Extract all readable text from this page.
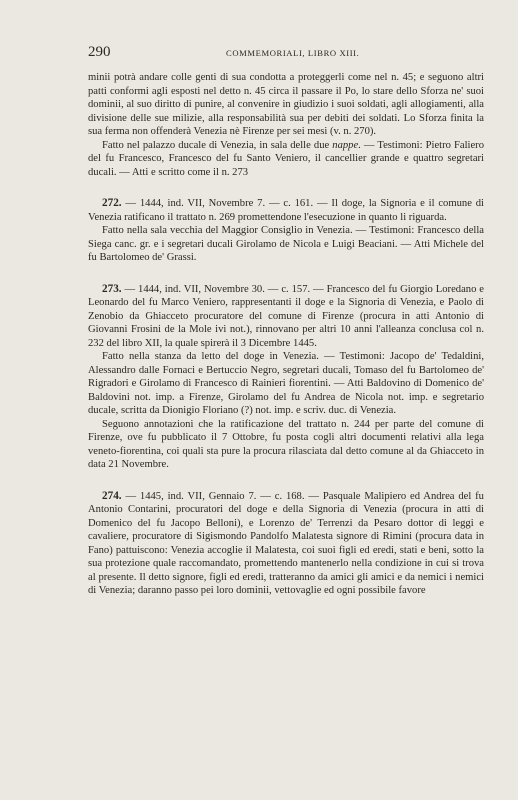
290	COMMEMORIALI, LIBRO XIII.

minii potrà andare colle genti di sua condotta a proteggerli come nel n. 45; e seguono altri patti conformi agli esposti nel detto n. 45 circa il passare il Po, lo stare dello Sforza ne' suoi dominii, al suo diritto di punire, al convenire in giudizio i suoi soldati, agli allogiamenti, alla divisione delle sue milizie, alla responsabilità sua per debiti dei soldati. Lo Sforza finita la sua ferma non offenderà Venezia nè Firenze per sei mesi (v. n. 270).

Fatto nel palazzo ducale di Venezia, in sala delle due nappe. — Testimoni: Pietro Faliero del fu Francesco, Francesco del fu Santo Veniero, il cancellier grande e quattro segretari ducali. — Atti e scritto come il n. 273

272. — 1444, ind. VII, Novembre 7. — c. 161. — Il doge, la Signoria e il comune di Venezia ratificano il trattato n. 269 promettendone l'esecuzione in quanto li riguarda.

Fatto nella sala vecchia del Maggior Consiglio in Venezia. — Testimoni: Francesco della Siega canc. gr. e i segretari ducali Girolamo de Nicola e Luigi Beaciani. — Atti Michele del fu Bartolomeo de' Grassi.

273. — 1444, ind. VII, Novembre 30. — c. 157. — Francesco del fu Giorgio Loredano e Leonardo del fu Marco Veniero, rappresentanti il doge e la Signoria di Venezia, e Paolo di Zenobio da Ghiacceto procuratore del comune di Firenze (procura in atti Antonio di Giovanni Frosini de la Mole ivi not.), rinnovano per altri 10 anni l'alleanza conclusa col n. 232 del libro XII, la quale spirerà il 3 Dicembre 1445.

Fatto nella stanza da letto del doge in Venezia. — Testimoni: Jacopo de' Tedaldini, Alessandro dalle Fornaci e Bertuccio Negro, segretari ducali, Tomaso del fu Bartolomeo de' Rigradori e Girolamo di Francesco di Rainieri fiorentini. — Atti Baldovino di Domenico de' Baldovini not. imp. a Firenze, Girolamo del fu Andrea de Nicola not. imp. e segretario ducale, scritta da Dionigio Floriano (?) not. imp. e scriv. duc. di Venezia.

Seguono annotazioni che la ratificazione del trattato n. 244 per parte del comune di Firenze, ove fu pubblicato il 7 Ottobre, fu posta cogli altri documenti relativi alla lega veneto-fiorentina, coi quali sta pure la procura rilasciata dal detto comune al da Ghiacceto in data 21 Novembre.

274. — 1445, ind. VII, Gennaio 7. — c. 168. — Pasquale Malipiero ed Andrea del fu Antonio Contarini, procuratori del doge e della Signoria di Venezia (procura in atti di Domenico del fu Jacopo Belloni), e Lorenzo de' Terrenzi da Pesaro dottor di leggi e cavaliere, procuratore di Sigismondo Pandolfo Malatesta signore di Rimini (procura data in Fano) pattuiscono: Venezia accoglie il Malatesta, coi suoi figli ed eredi, stati e beni, sotto la sua protezione quale raccomandato, promettendo mantenerlo nella condizione in cui si trova al presente. Il detto signore, figli ed eredi, tratteranno da amici gli amici e da nemici i nemici di Venezia; daranno passo pei loro dominii, vettovaglie ed ogni possibile favore
